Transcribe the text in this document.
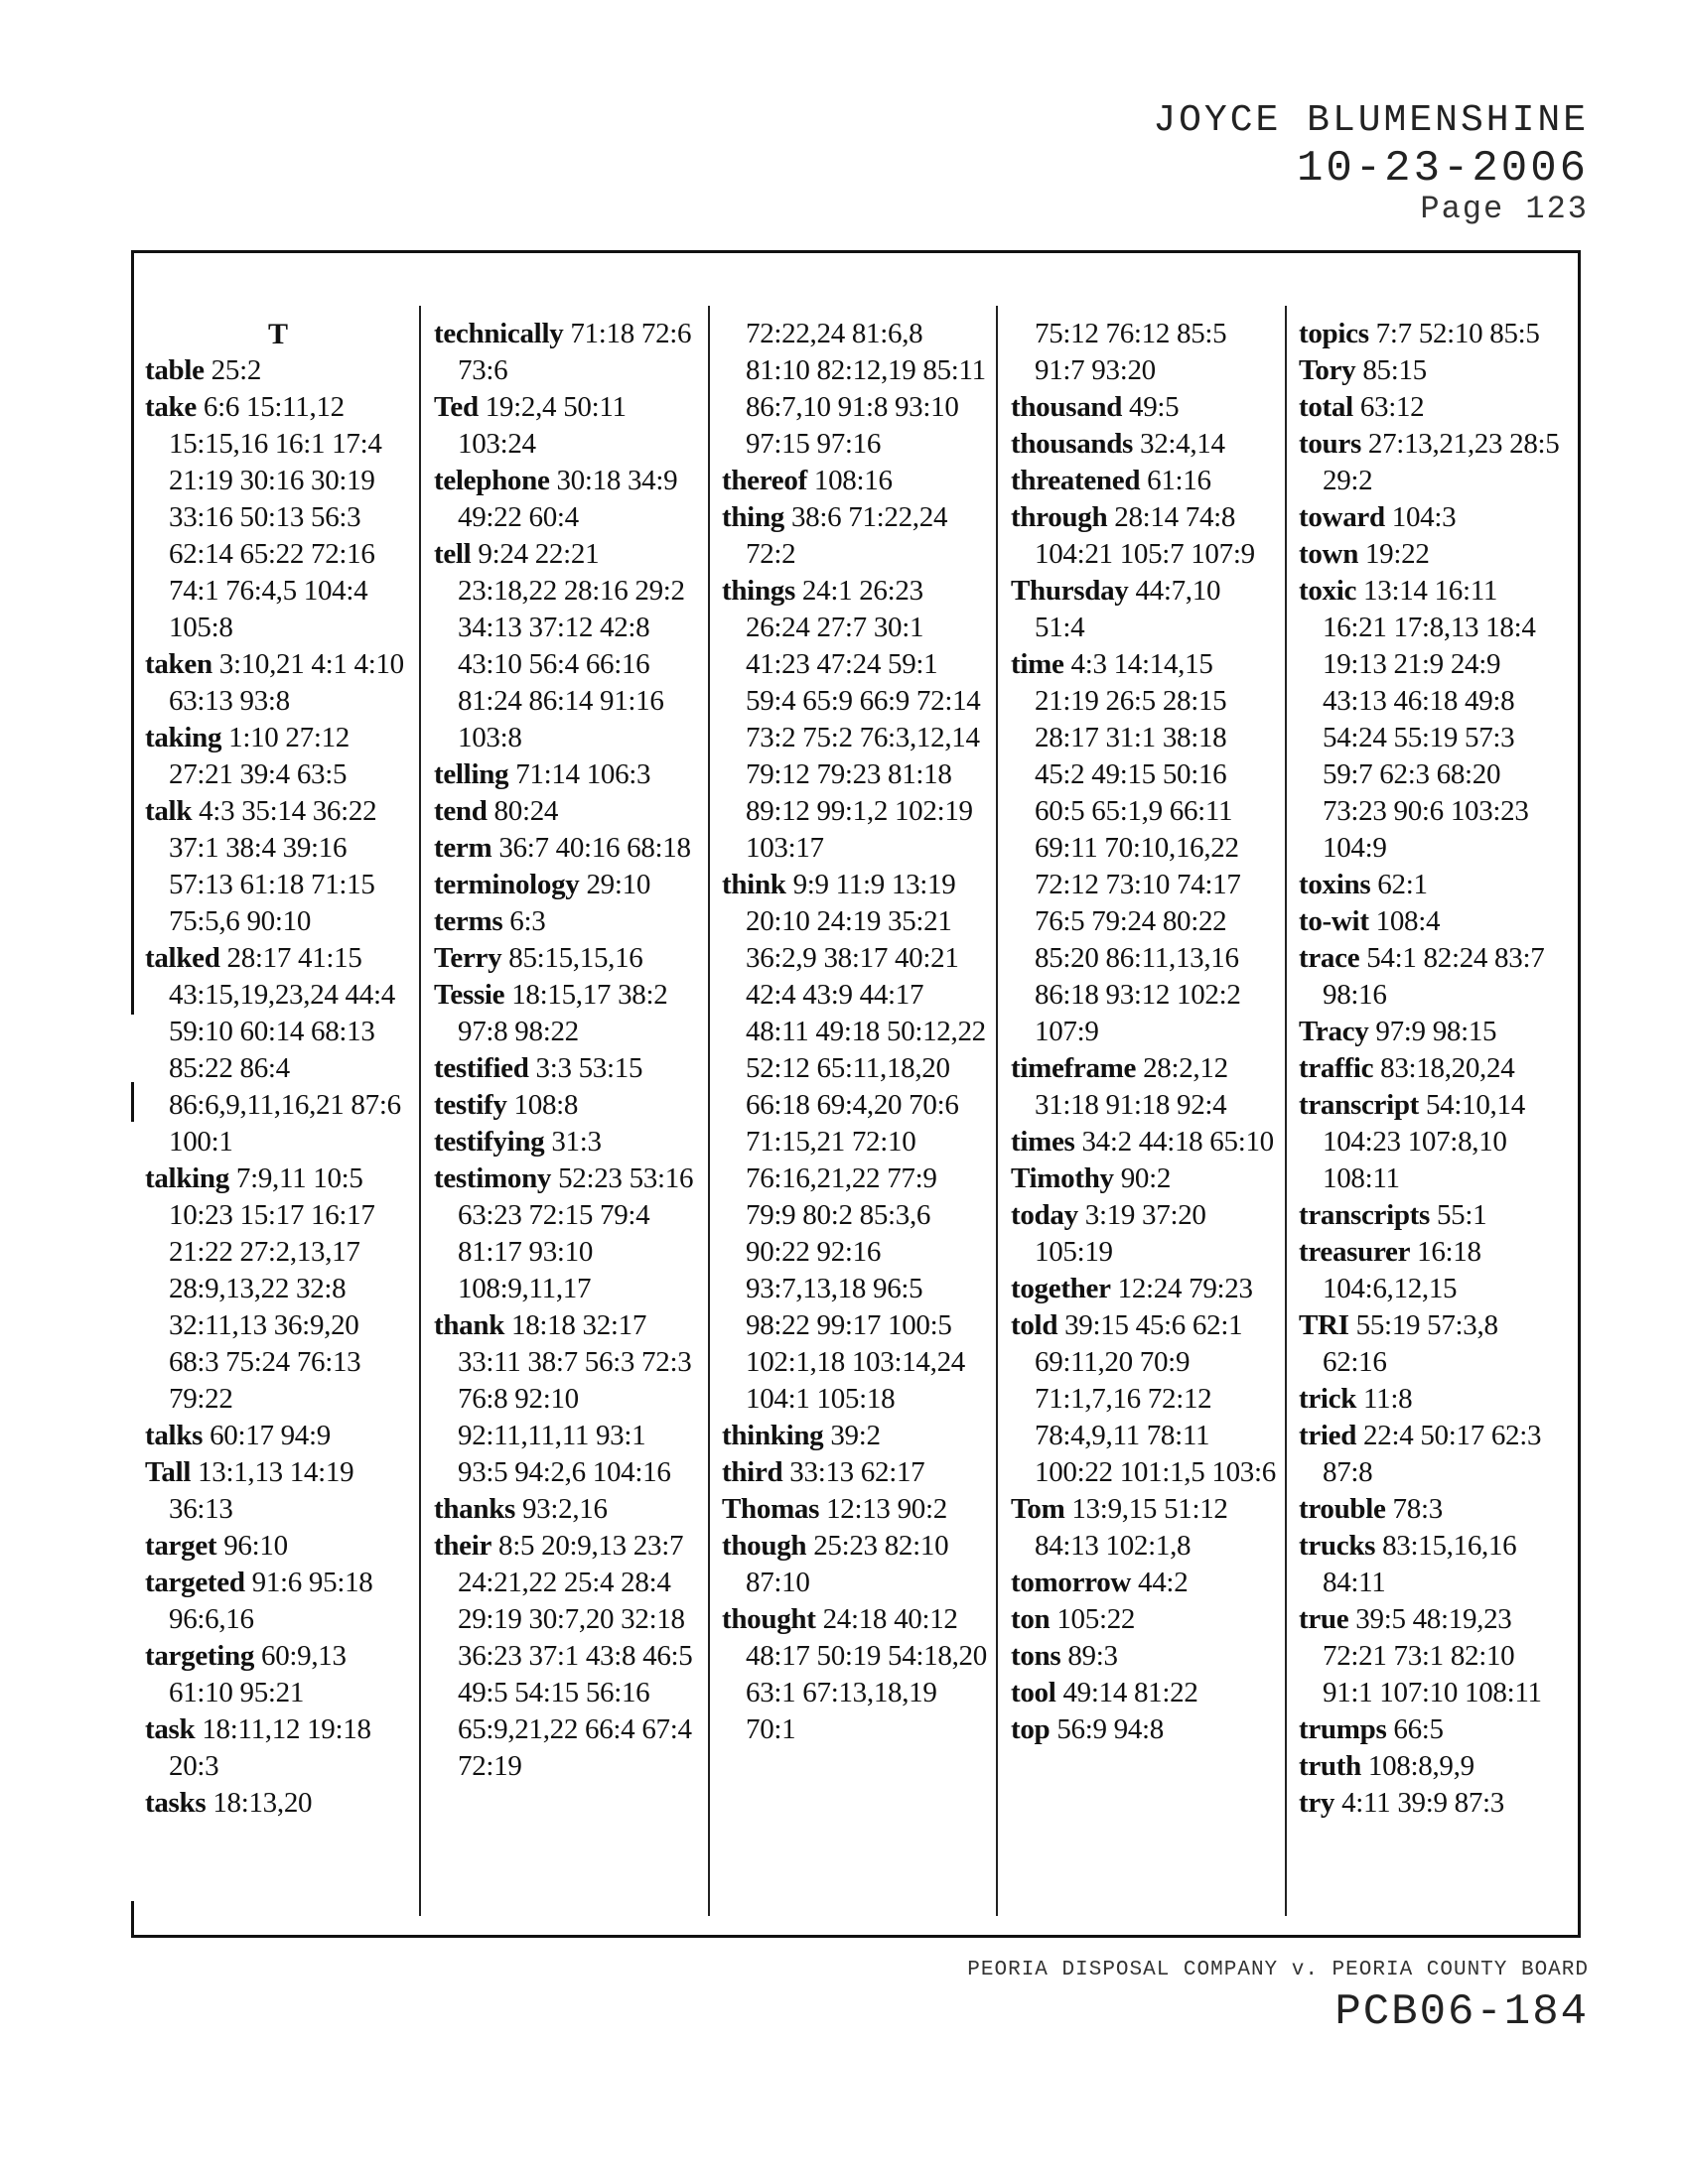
JOYCE BLUMENSHINE
10-23-2006
Page 123
T

table 25:2

take 6:6 15:11,12 15:15,16 16:1 17:4 21:19 30:16 30:19 33:16 50:13 56:3 62:14 65:22 72:16 74:1 76:4,5 104:4 105:8

taken 3:10,21 4:1 4:10 63:13 93:8

taking 1:10 27:12 27:21 39:4 63:5

talk 4:3 35:14 36:22 37:1 38:4 39:16 57:13 61:18 71:15 75:5,6 90:10

talked 28:17 41:15 43:15,19,23,24 44:4 59:10 60:14 68:13 85:22 86:4 86:6,9,11,16,21 87:6 100:1

talking 7:9,11 10:5 10:23 15:17 16:17 21:22 27:2,13,17 28:9,13,22 32:8 32:11,13 36:9,20 68:3 75:24 76:13 79:22

talks 60:17 94:9

Tall 13:1,13 14:19 36:13

target 96:10

targeted 91:6 95:18 96:6,16

targeting 60:9,13 61:10 95:21

task 18:11,12 19:18 20:3

tasks 18:13,20

technically 71:18 72:6 73:6

Ted 19:2,4 50:11 103:24

telephone 30:18 34:9 49:22 60:4

tell 9:24 22:21 23:18,22 28:16 29:2 34:13 37:12 42:8 43:10 56:4 66:16 81:24 86:14 91:16 103:8

telling 71:14 106:3

tend 80:24

term 36:7 40:16 68:18

terminology 29:10

terms 6:3

Terry 85:15,15,16

Tessie 18:15,17 38:2 97:8 98:22

testified 3:3 53:15

testify 108:8

testifying 31:3

testimony 52:23 53:16 63:23 72:15 79:4 81:17 93:10 108:9,11,17

thank 18:18 32:17 33:11 38:7 56:3 72:3 76:8 92:10 92:11,11,11 93:1 93:5 94:2,6 104:16

thanks 93:2,16

their 8:5 20:9,13 23:7 24:21,22 25:4 28:4 29:19 30:7,20 32:18 36:23 37:1 43:8 46:5 49:5 54:15 56:16 65:9,21,22 66:4 67:4 72:19

72:22,24 81:6,8 81:10 82:12,19 85:11 86:7,10 91:8 93:10 97:15 97:16

thereof 108:16

thing 38:6 71:22,24 72:2

things 24:1 26:23 26:24 27:7 30:1 41:23 47:24 59:1 59:4 65:9 66:9 72:14 73:2 75:2 76:3,12,14 79:12 79:23 81:18 89:12 99:1,2 102:19 103:17

think 9:9 11:9 13:19 20:10 24:19 35:21 36:2,9 38:17 40:21 42:4 43:9 44:17 48:11 49:18 50:12,22 52:12 65:11,18,20 66:18 69:4,20 70:6 71:15,21 72:10 76:16,21,22 77:9 79:9 80:2 85:3,6 90:22 92:16 93:7,13,18 96:5 98:22 99:17 100:5 102:1,18 103:14,24 104:1 105:18

thinking 39:2

third 33:13 62:17

Thomas 12:13 90:2

though 25:23 82:10 87:10

thought 24:18 40:12 48:17 50:19 54:18,20 63:1 67:13,18,19 70:1

75:12 76:12 85:5 91:7 93:20

thousand 49:5

thousands 32:4,14

threatened 61:16

through 28:14 74:8 104:21 105:7 107:9

Thursday 44:7,10 51:4

time 4:3 14:14,15 21:19 26:5 28:15 28:17 31:1 38:18 45:2 49:15 50:16 60:5 65:1,9 66:11 69:11 70:10,16,22 72:12 73:10 74:17 76:5 79:24 80:22 85:20 86:11,13,16 86:18 93:12 102:2 107:9

timeframe 28:2,12 31:18 91:18 92:4

times 34:2 44:18 65:10

Timothy 90:2

today 3:19 37:20 105:19

together 12:24 79:23

told 39:15 45:6 62:1 69:11,20 70:9 71:1,7,16 72:12 78:4,9,11 78:11 100:22 101:1,5 103:6

Tom 13:9,15 51:12 84:13 102:1,8

tomorrow 44:2

ton 105:22

tons 89:3

tool 49:14 81:22

top 56:9 94:8

topics 7:7 52:10 85:5

Tory 85:15

total 63:12

tours 27:13,21,23 28:5 29:2

toward 104:3

town 19:22

toxic 13:14 16:11 16:21 17:8,13 18:4 19:13 21:9 24:9 43:13 46:18 49:8 54:24 55:19 57:3 59:7 62:3 68:20 73:23 90:6 103:23 104:9

toxins 62:1

to-wit 108:4

trace 54:1 82:24 83:7 98:16

Tracy 97:9 98:15

traffic 83:18,20,24

transcript 54:10,14 104:23 107:8,10 108:11

transcripts 55:1

treasurer 16:18 104:6,12,15

TRI 55:19 57:3,8 62:16

trick 11:8

tried 22:4 50:17 62:3 87:8

trouble 78:3

trucks 83:15,16,16 84:11

true 39:5 48:19,23 72:21 73:1 82:10 91:1 107:10 108:11

trumps 66:5

truth 108:8,9,9

try 4:11 39:9 87:3

PEORIA DISPOSAL COMPANY v. PEORIA COUNTY BOARD
PCB06-184
